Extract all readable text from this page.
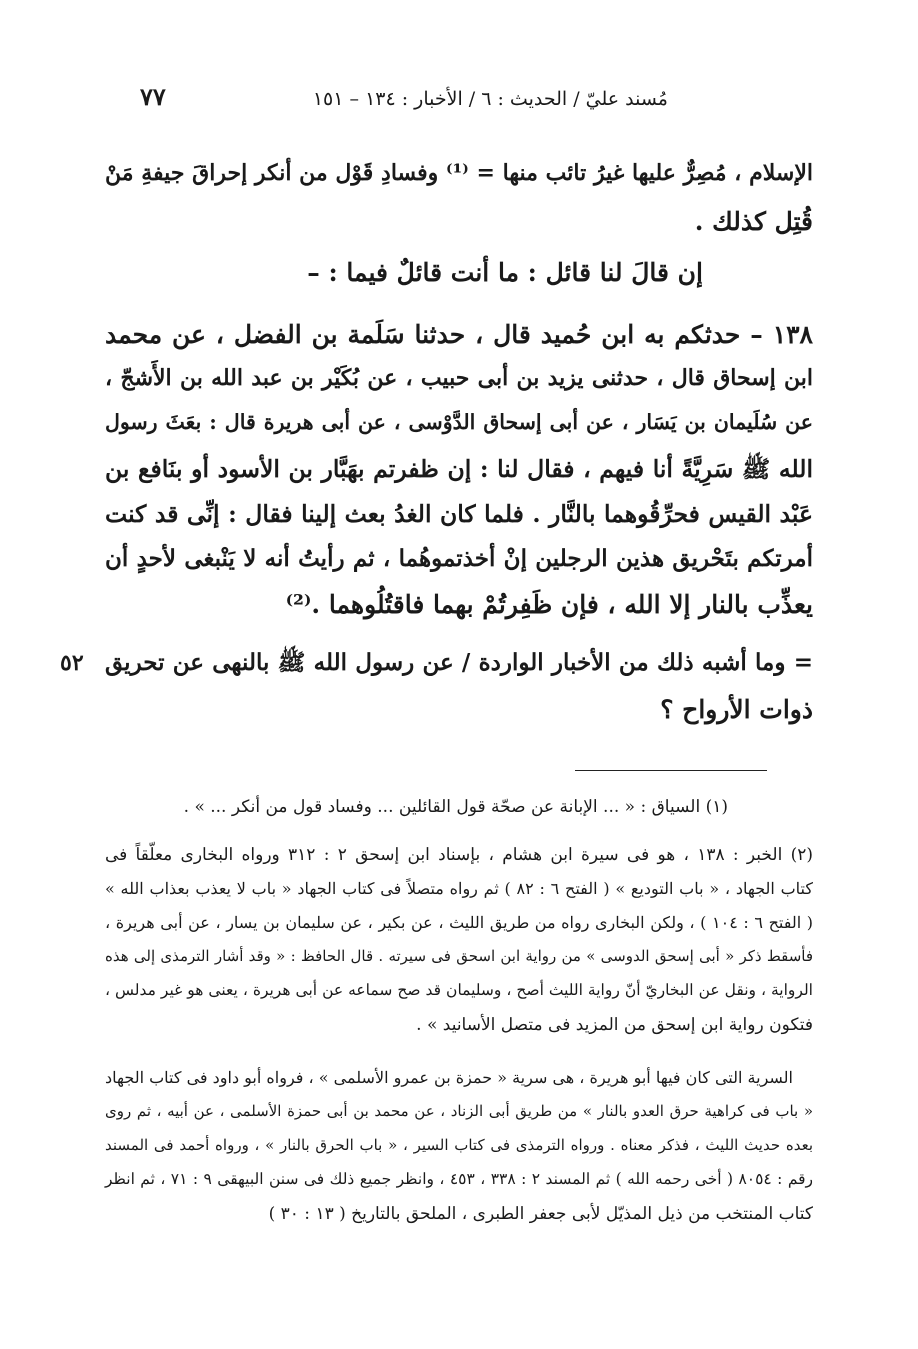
مُسند عليّ / الحديث : ٦ / الأخبار : ١٣٤ – ١٥١
٧٧
الإسلام ، مُصِرٌّ عليها غيرُ تائب منها = ⁽¹⁾ وفسادِ قَوْل من أنكر إحراقَ جيفةِ مَنْ
قُتِل كذلك .
إن قالَ لنا قائل : ما أنت قائلٌ فيما : –
١٣٨ – حدثكم به ابن حُميد قال ، حدثنا سَلَمة بن الفضل ، عن محمد
ابن إسحاق قال ، حدثنى يزيد بن أبى حبيب ، عن بُكَيْر بن عبد الله بن الأَشجّ ،
عن سُلَيمان بن يَسَار ، عن أبى إسحاق الدَّوْسى ، عن أبى هريرة قال : بعَثَ رسول
الله ﷺ سَرِيَّةً أنا فيهم ، فقال لنا : إن ظفرتم بهَبَّار بن الأسود أو بنَافع بن
عَبْد القيس فحرِّقُوهما بالنَّار . فلما كان الغدُ بعث إلينا فقال : إنِّى قد كنت
أمرتكم بتَحْريق هذين الرجلين إنْ أخذتموهُما ، ثم رأيتُ أنه لا يَنْبغى لأحدٍ أن
يعذِّب بالنار إلا الله ، فإن ظَفِرتُمْ بهما فاقتُلُوهما .⁽²⁾
= وما أشبه ذلك من الأخبار الواردة / عن رسول الله ﷺ بالنهى عن تحريق
ذوات الأرواح ؟
٥٢
(١) السياق : « ... الإبانة عن صحّة قول القائلين ... وفساد قول من أنكر ... » .
(٢) الخبر : ١٣٨ ، هو فى سيرة ابن هشام ، بإسناد ابن إسحق ٢ : ٣١٢ ورواه البخارى معلّقاً فى
كتاب الجهاد ، « باب التوديع » ( الفتح ٦ : ٨٢ ) ثم رواه متصلاً فى كتاب الجهاد « باب لا يعذب بعذاب الله »
( الفتح ٦ : ١٠٤ ) ، ولكن البخارى رواه من طريق الليث ، عن بكير ، عن سليمان بن يسار ، عن أبى هريرة ،
فأسقط ذكر « أبى إسحق الدوسى » من رواية ابن اسحق فى سيرته . قال الحافظ : « وقد أشار الترمذى إلى هذه
الرواية ، ونقل عن البخاريّ أنّ رواية الليث أصح ، وسليمان قد صح سماعه عن أبى هريرة ، يعنى هو غير مدلس ،
فتكون رواية ابن إسحق من المزيد فى متصل الأسانيد » .
السرية التى كان فيها أبو هريرة ، هى سرية « حمزة بن عمرو الأسلمى » ، فرواه أبو داود فى كتاب الجهاد
« باب فى كراهية حرق العدو بالنار » من طريق أبى الزناد ، عن محمد بن أبى حمزة الأسلمى ، عن أبيه ، ثم روى
بعده حديث الليث ، فذكر معناه . ورواه الترمذى فى كتاب السير ، « باب الحرق بالنار » ، ورواه أحمد فى المسند
رقم : ٨٠٥٤ ( أخى رحمه الله ) ثم المسند ٢ : ٣٣٨ ، ٤٥٣ ، وانظر جميع ذلك فى سنن البيهقى ٩ : ٧١ ، ثم انظر
كتاب المنتخب من ذيل المذيّل لأبى جعفر الطبرى ، الملحق بالتاريخ ( ١٣ : ٣٠ )
